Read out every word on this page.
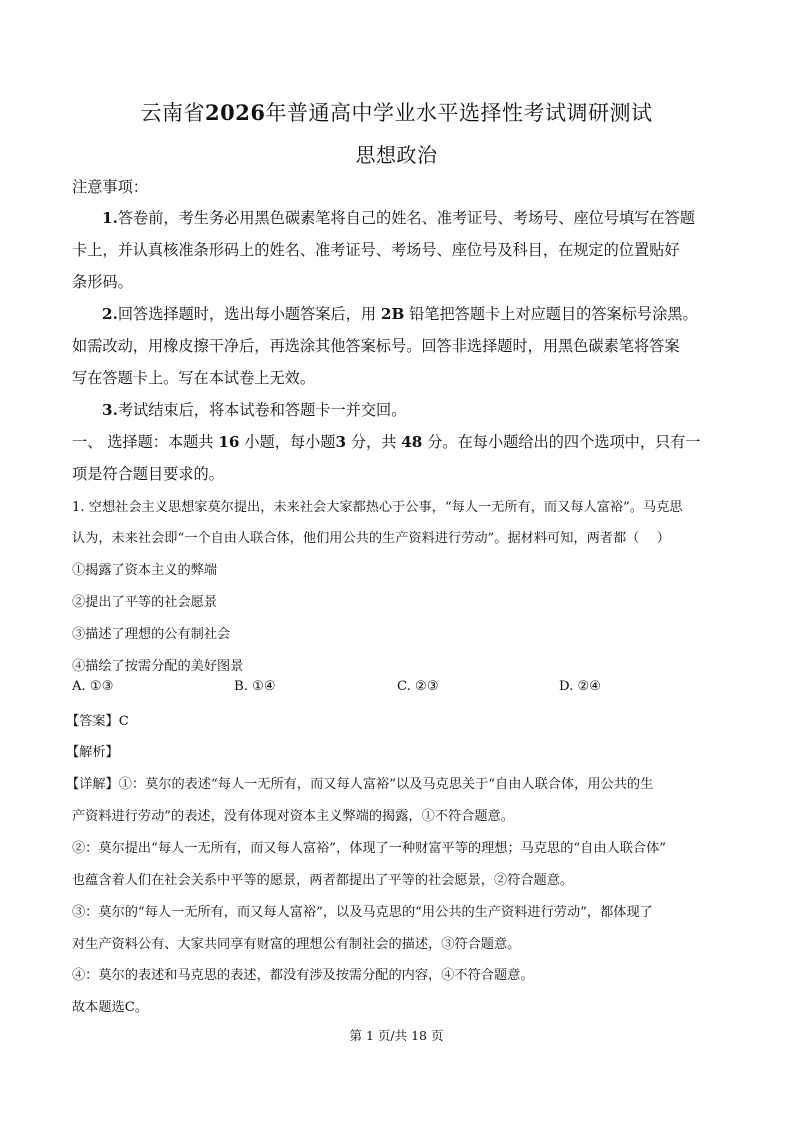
云南省2026年普通高中学业水平选择性考试调研测试
思想政治
注意事项：
1.答卷前，考生务必用黑色碳素笔将自己的姓名、准考证号、考场号、座位号填写在答题
卡上，并认真核准条形码上的姓名、准考证号、考场号、座位号及科目，在规定的位置贴好
条形码。
2.回答选择题时，选出每小题答案后，用 2B 铅笔把答题卡上对应题目的答案标号涂黑。
如需改动，用橡皮擦干净后，再选涂其他答案标号。回答非选择题时，用黑色碳素笔将答案
写在答题卡上。写在本试卷上无效。
3.考试结束后，将本试卷和答题卡一并交回。
一、 选择题：本题共 16 小题，每小题3 分，共 48 分。在每小题给出的四个选项中，只有一
项是符合题目要求的。
1. 空想社会主义思想家莫尔提出，未来社会大家都热心于公事，“每人一无所有，而又每人富裕”。马克思
认为，未来社会即“一个自由人联合体，他们用公共的生产资料进行劳动”。据材料可知，两者都（　 ）
①揭露了资本主义的弊端
②提出了平等的社会愿景
③描述了理想的公有制社会
④描绘了按需分配的美好图景
A. ①③	B. ①④	C. ②③	D. ②④
【答案】C
【解析】
【详解】①：莫尔的表述“每人一无所有，而又每人富裕”以及马克思关于“自由人联合体，用公共的生
产资料进行劳动”的表述，没有体现对资本主义弊端的揭露，①不符合题意。
②：莫尔提出“每人一无所有，而又每人富裕”，体现了一种财富平等的理想；马克思的“自由人联合体”
也蕴含着人们在社会关系中平等的愿景，两者都提出了平等的社会愿景，②符合题意。
③：莫尔的“每人一无所有，而又每人富裕”，以及马克思的“用公共的生产资料进行劳动”，都体现了
对生产资料公有、大家共同享有财富的理想公有制社会的描述，③符合题意。
④：莫尔的表述和马克思的表述，都没有涉及按需分配的内容，④不符合题意。
故本题选C。
第 1 页/共 18 页
